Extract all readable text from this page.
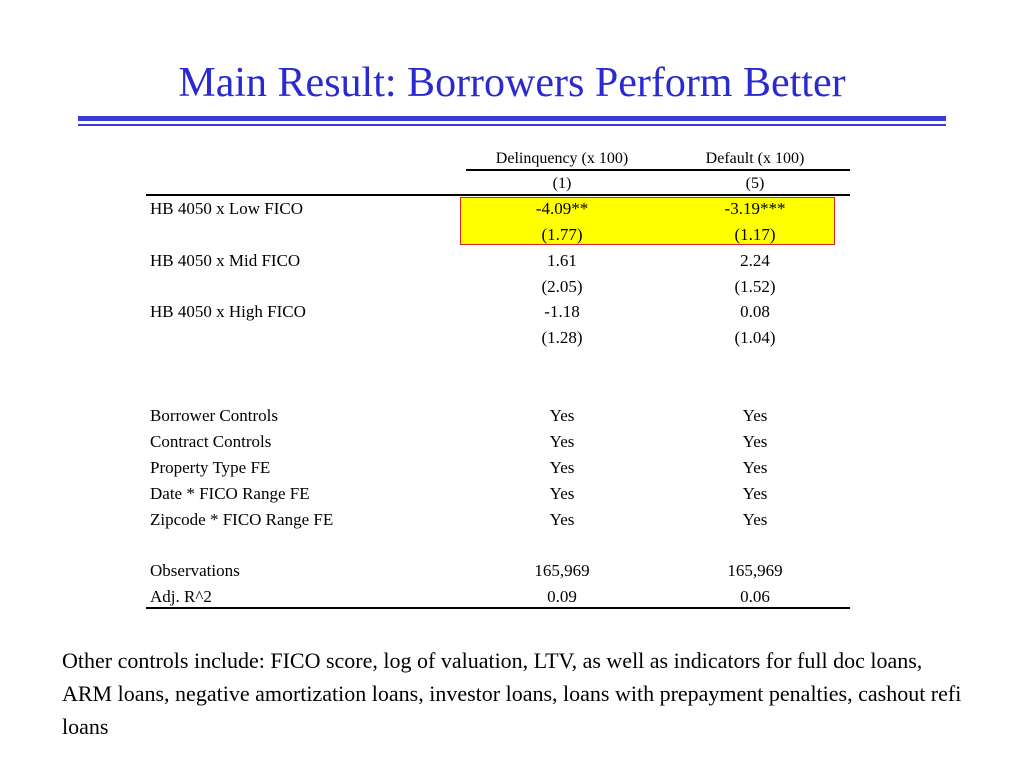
Main Result: Borrowers Perform Better
Delinquency (x 100)	Default (x 100)
(1)	(5)
HB 4050 x Low FICO	-4.09**	-3.19***
(1.77)	(1.17)
HB 4050 x Mid FICO	1.61	2.24
(2.05)	(1.52)
HB 4050 x High FICO	-1.18	0.08
(1.28)	(1.04)
Borrower Controls	Yes	Yes
Contract Controls	Yes	Yes
Property Type FE	Yes	Yes
Date * FICO Range FE	Yes	Yes
Zipcode * FICO Range FE	Yes	Yes
Observations	165,969	165,969
Adj. R^2	0.09	0.06
Other controls include: FICO score, log of valuation, LTV, as well as indicators for full doc loans, ARM loans, negative amortization loans, investor loans, loans with prepayment penalties, cashout refi loans
